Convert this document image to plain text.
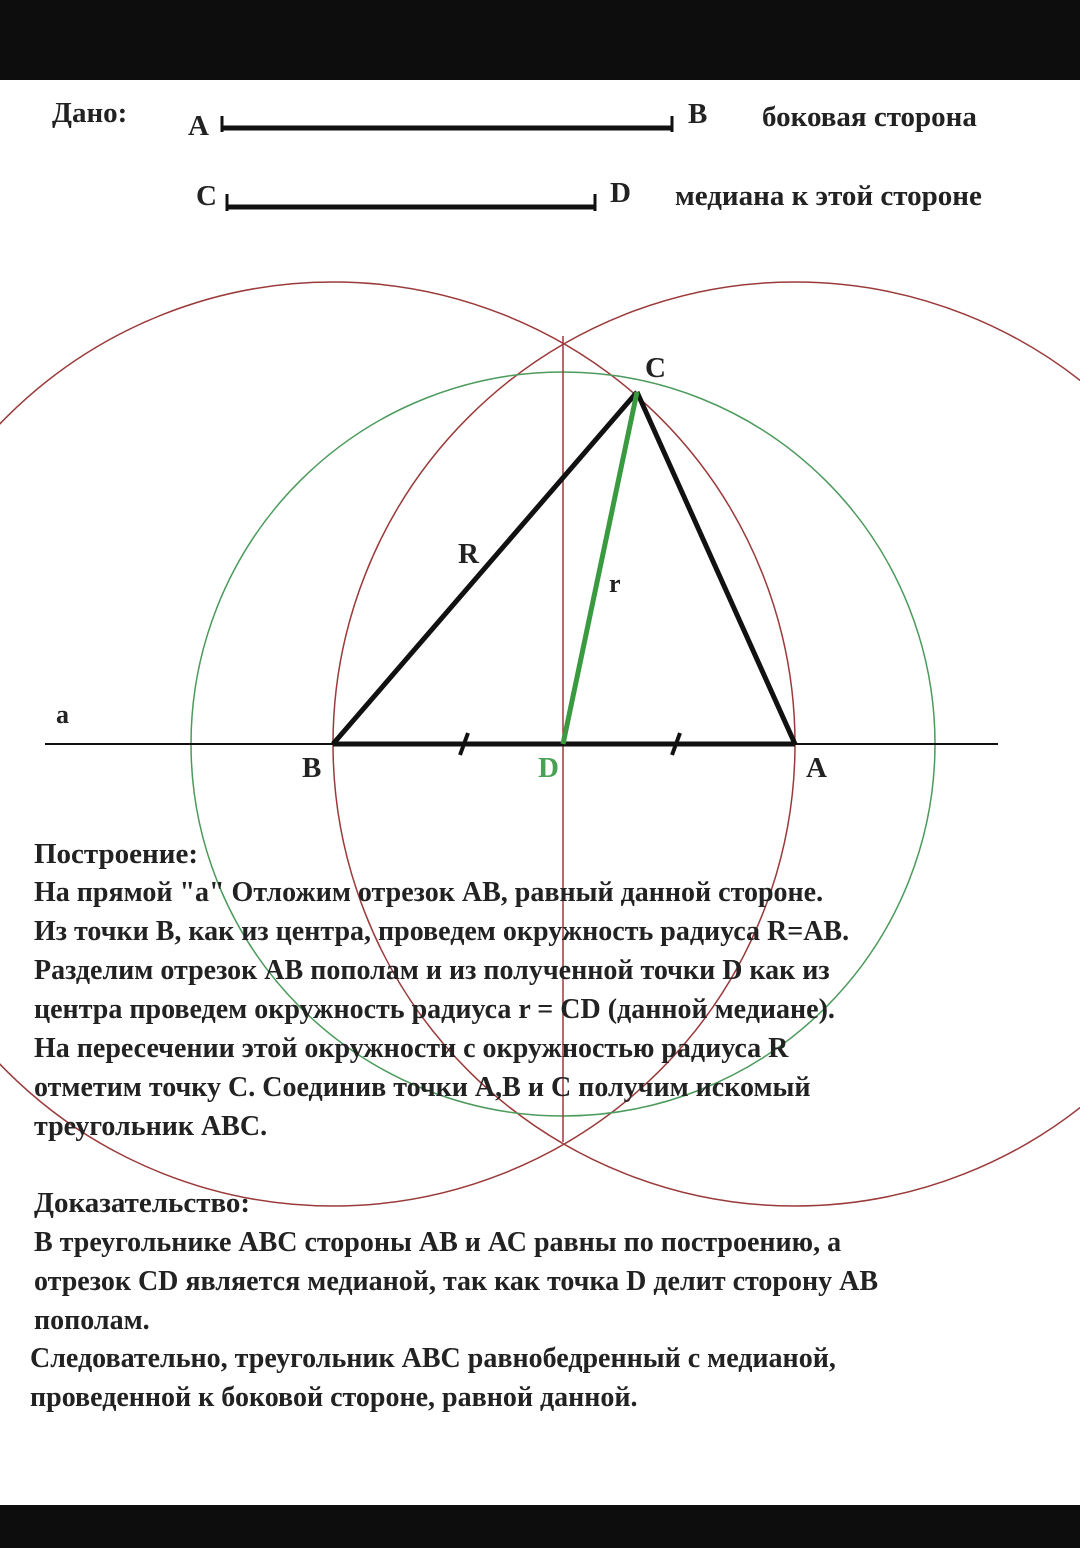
Дано: A	B боковая сторона
C	D медиана к этой стороне
C
R
r
a
B	D	A
Построение:
На прямой "а" Отложим отрезок АВ, равный данной стороне.
Из точки В, как из центра, проведем окружность радиуса R=AB.
Разделим отрезок АВ пополам и из полученной точки D как из
центра проведем окружность радиуса r = CD (данной медиане).
На пересечении этой окружности с окружностью радиуса R
отметим точку С. Соединив точки А,В и С получим искомый
треугольник АВС.
Доказательство:
В треугольнике АВС стороны АВ и АС равны по построению, а
отрезок CD является медианой, так как точка D делит сторону АВ
пополам.
Следовательно, треугольник АВС равнобедренный с медианой,
проведенной к боковой стороне, равной данной.
